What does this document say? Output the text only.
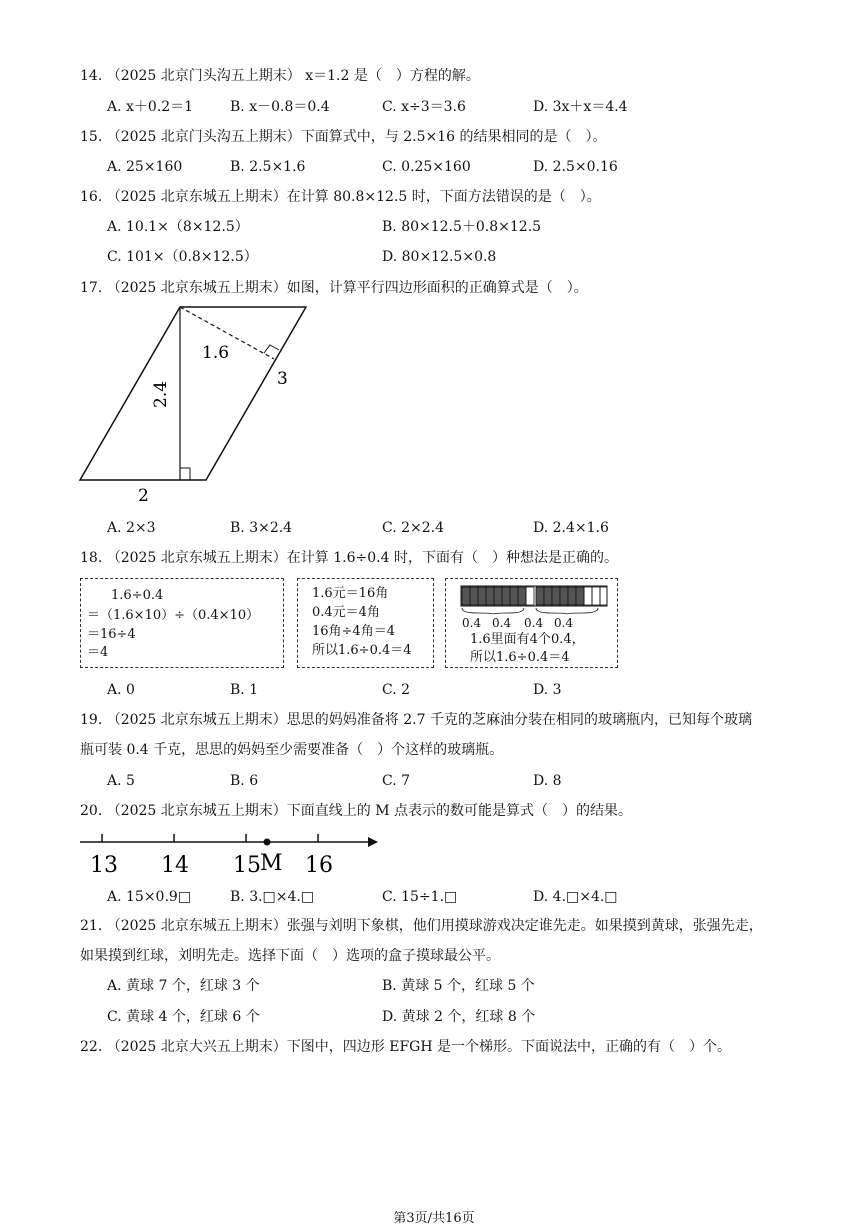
14. （2025 北京门头沟五上期末） x＝1.2 是（　）方程的解。
A. x＋0.2＝1	B. x－0.8＝0.4	C. x÷3＝3.6	D. 3x＋x＝4.4
15. （2025 北京门头沟五上期末）下面算式中，与 2.5×16 的结果相同的是（　）。
A. 25×160	B. 2.5×1.6	C. 0.25×160	D. 2.5×0.16
16. （2025 北京东城五上期末）在计算 80.8×12.5 时，下面方法错误的是（　）。
A. 10.1×（8×12.5）	B. 80×12.5＋0.8×12.5
C. 101×（0.8×12.5）	D. 80×12.5×0.8
17. （2025 北京东城五上期末）如图，计算平行四边形面积的正确算式是（　）。
1.6
3
2.4
2
A. 2×3	B. 3×2.4	C. 2×2.4	D. 2.4×1.6
18. （2025 北京东城五上期末）在计算 1.6÷0.4 时，下面有（　）种想法是正确的。
1.6÷0.4
＝（1.6×10）÷（0.4×10）
＝16÷4
＝4
1.6元＝16角
0.4元＝4角
16角÷4角＝4
所以1.6÷0.4＝4
0.4 0.4 0.4 0.4
1.6里面有4个0.4，
所以1.6÷0.4＝4
A. 0	B. 1	C. 2	D. 3
19. （2025 北京东城五上期末）思思的妈妈准备将 2.7 千克的芝麻油分装在相同的玻璃瓶内，已知每个玻璃
瓶可装 0.4 千克，思思的妈妈至少需要准备（　）个这样的玻璃瓶。
A. 5	B. 6	C. 7	D. 8
20. （2025 北京东城五上期末）下面直线上的 M 点表示的数可能是算式（　）的结果。
13 14 15 M 16
A. 15×0.9□	B. 3.□×4.□	C. 15÷1.□	D. 4.□×4.□
21. （2025 北京东城五上期末）张强与刘明下象棋，他们用摸球游戏决定谁先走。如果摸到黄球，张强先走，
如果摸到红球，刘明先走。选择下面（　）选项的盒子摸球最公平。
A. 黄球 7 个，红球 3 个	B. 黄球 5 个，红球 5 个
C. 黄球 4 个，红球 6 个	D. 黄球 2 个，红球 8 个
22. （2025 北京大兴五上期末）下图中，四边形 EFGH 是一个梯形。下面说法中，正确的有（　）个。
第3页/共16页
